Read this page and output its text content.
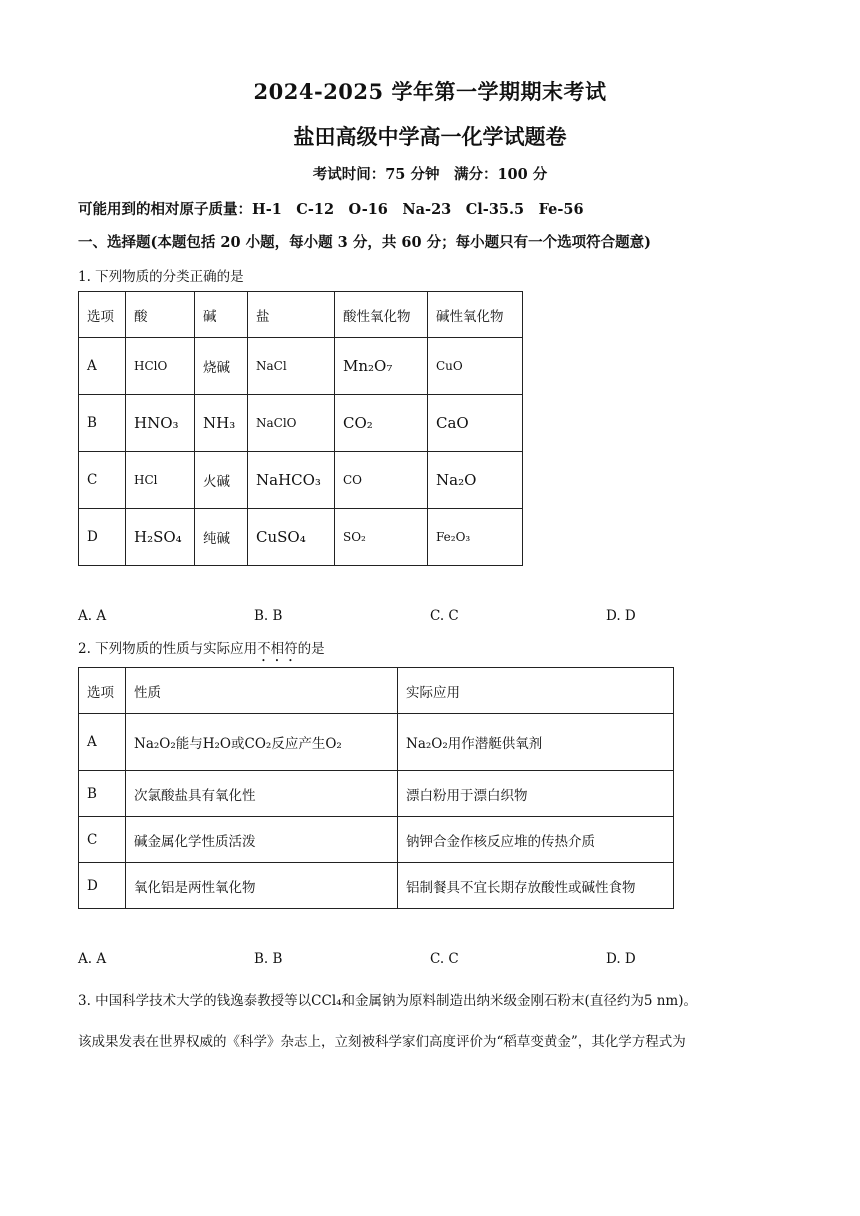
2024-2025 学年第一学期期末考试
盐田高级中学高一化学试题卷
考试时间：75 分钟　满分：100 分
可能用到的相对原子质量：H-1　C-12　O-16　Na-23　Cl-35.5　Fe-56
一、选择题(本题包括 20 小题，每小题 3 分，共 60 分；每小题只有一个选项符合题意)
1. 下列物质的分类正确的是
选项	酸	碱	盐	酸性氧化物	碱性氧化物
A	HClO	烧碱	NaCl	Mn₂O₇	CuO
B	HNO₃	NH₃	NaClO	CO₂	CaO
C	HCl	火碱	NaHCO₃	CO	Na₂O
D	H₂SO₄	纯碱	CuSO₄	SO₂	Fe₂O₃
A. A	B. B	C. C	D. D
2. 下列物质的性质与实际应用不相符的是
选项	性质	实际应用
A	Na₂O₂能与H₂O或CO₂反应产生O₂	Na₂O₂用作潜艇供氧剂
B	次氯酸盐具有氧化性	漂白粉用于漂白织物
C	碱金属化学性质活泼	钠钾合金作核反应堆的传热介质
D	氧化铝是两性氧化物	铝制餐具不宜长期存放酸性或碱性食物
A. A	B. B	C. C	D. D
3. 中国科学技术大学的钱逸泰教授等以CCl₄和金属钠为原料制造出纳米级金刚石粉末(直径约为5 nm)。
该成果发表在世界权威的《科学》杂志上，立刻被科学家们高度评价为“稻草变黄金”，其化学方程式为
